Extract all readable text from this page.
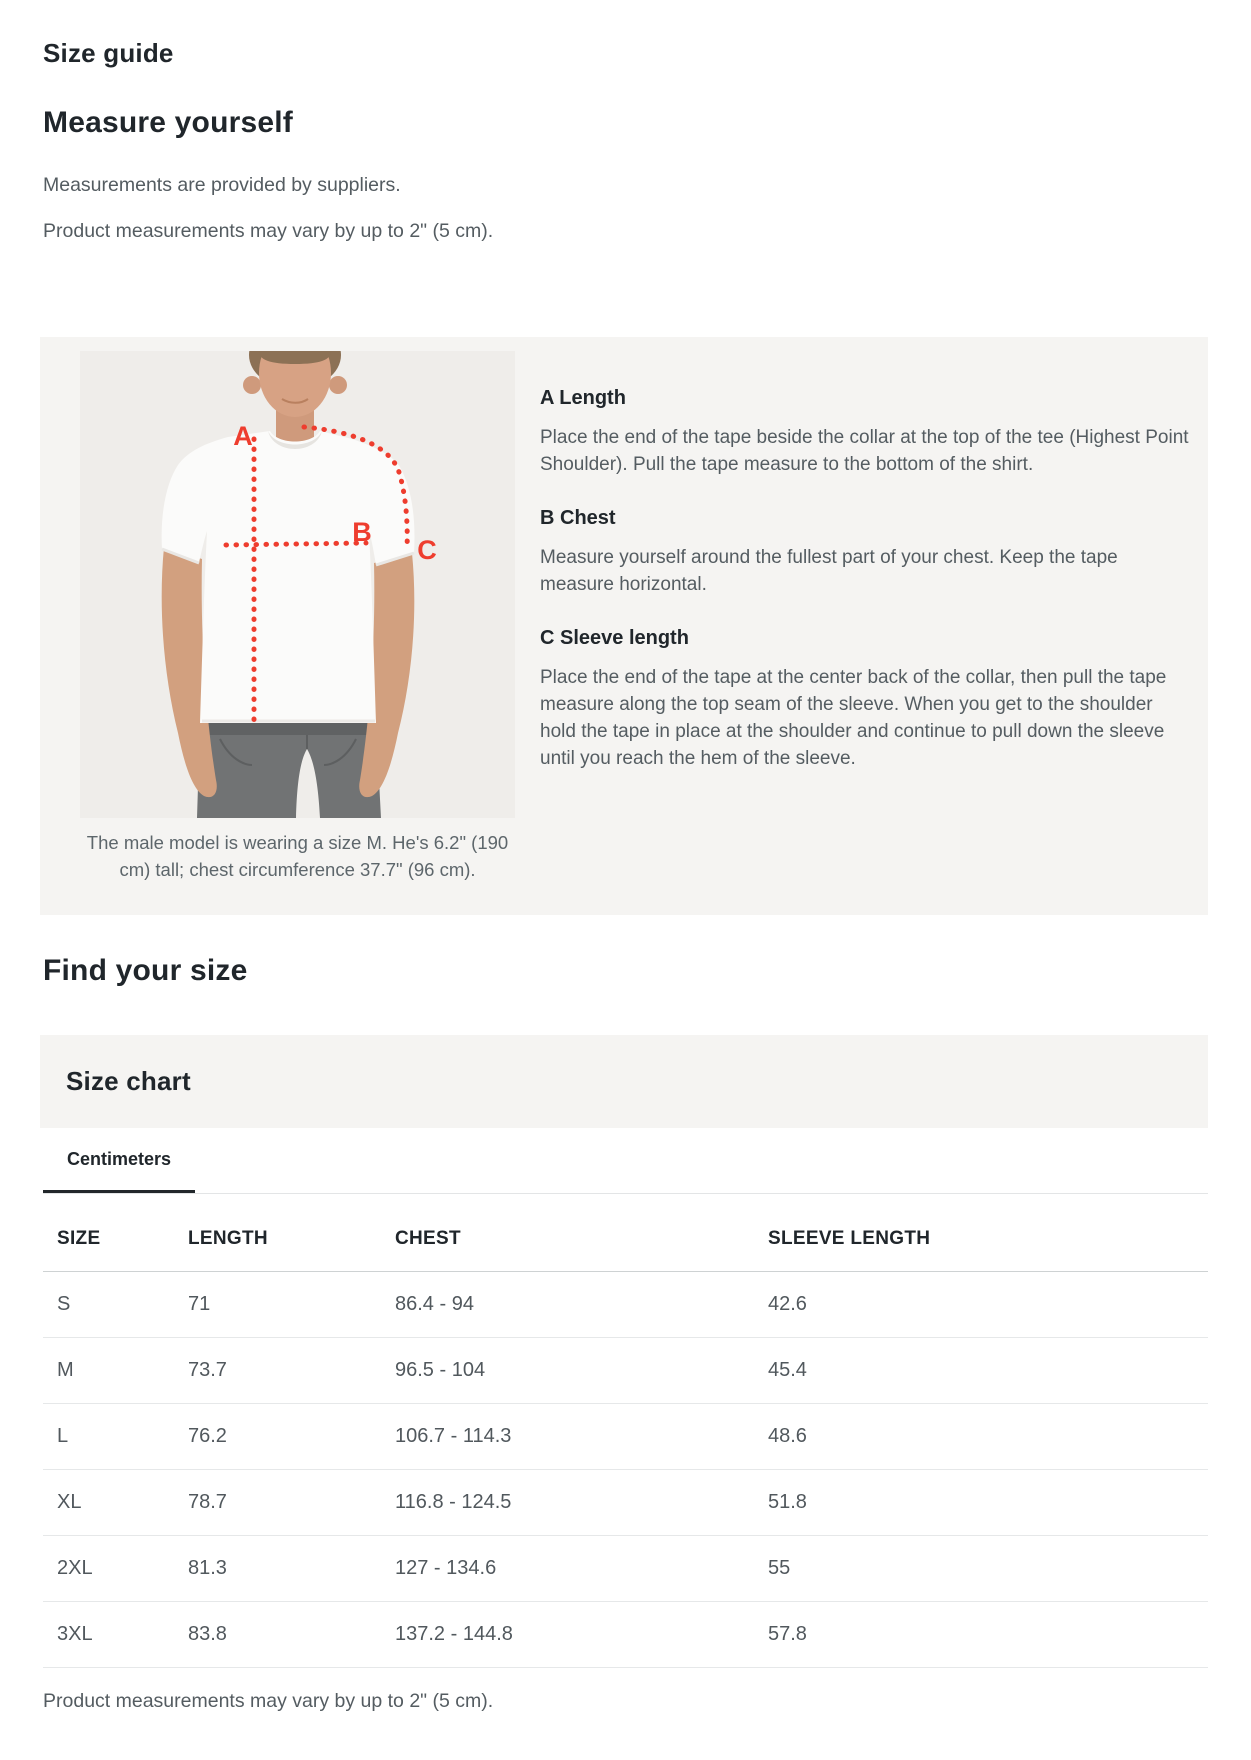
Size guide
Measure yourself

Measurements are provided by suppliers.

Product measurements may vary by up to 2" (5 cm).

A
B
C

The male model is wearing a size M. He's 6.2" (190 cm) tall; chest circumference 37.7" (96 cm).

A Length

Place the end of the tape beside the collar at the top of the tee (Highest Point Shoulder). Pull the tape measure to the bottom of the shirt.

B Chest

Measure yourself around the fullest part of your chest. Keep the tape measure horizontal.

C Sleeve length

Place the end of the tape at the center back of the collar, then pull the tape measure along the top seam of the sleeve. When you get to the shoulder hold the tape in place at the shoulder and continue to pull down the sleeve until you reach the hem of the sleeve.

Find your size
Size chart
Centimeters
SIZE	LENGTH	CHEST	SLEEVE LENGTH
S	71	86.4 - 94	42.6
M	73.7	96.5 - 104	45.4
L	76.2	106.7 - 114.3	48.6
XL	78.7	116.8 - 124.5	51.8
2XL	81.3	127 - 134.6	55
3XL	83.8	137.2 - 144.8	57.8

Product measurements may vary by up to 2" (5 cm).
